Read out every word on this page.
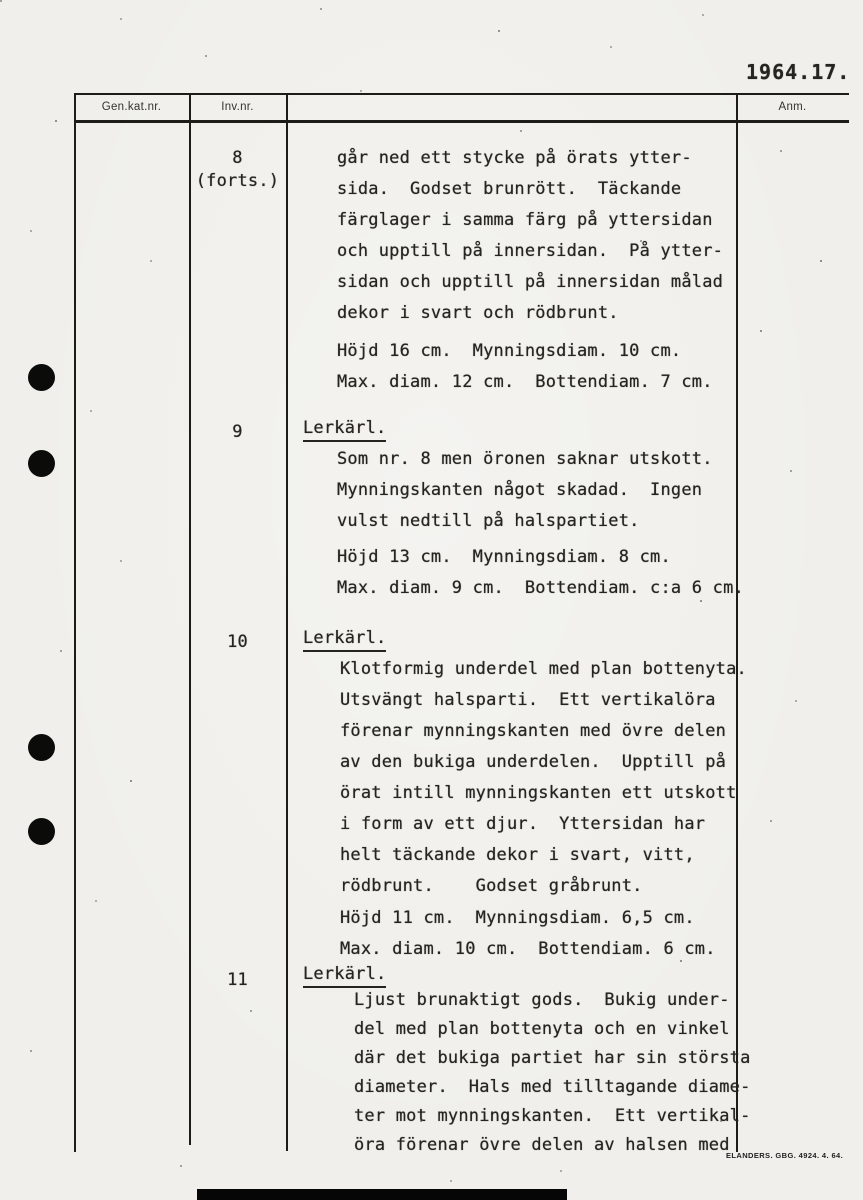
1964.17.
Gen.kat.nr.	Inv.nr.	Anm.
8
(forts.)
går ned ett stycke på örats ytter-
sida.  Godset brunrött.  Täckande
färglager i samma färg på yttersidan
och upptill på innersidan.  På ytter-
sidan och upptill på innersidan målad
dekor i svart och rödbrunt.
Höjd 16 cm.  Mynningsdiam. 10 cm.
Max. diam. 12 cm.  Bottendiam. 7 cm.
9	Lerkärl.
Som nr. 8 men öronen saknar utskott.
Mynningskanten något skadad.  Ingen
vulst nedtill på halspartiet.
Höjd 13 cm.  Mynningsdiam. 8 cm.
Max. diam. 9 cm.  Bottendiam. c:a 6 cm.
10	Lerkärl.
Klotformig underdel med plan bottenyta.
Utsvängt halsparti.  Ett vertikalöra
förenar mynningskanten med övre delen
av den bukiga underdelen.  Upptill på
örat intill mynningskanten ett utskott
i form av ett djur.  Yttersidan har
helt täckande dekor i svart, vitt,
rödbrunt.    Godset gråbrunt.
Höjd 11 cm.  Mynningsdiam. 6,5 cm.
Max. diam. 10 cm.  Bottendiam. 6 cm.
11	Lerkärl.
Ljust brunaktigt gods.  Bukig under-
del med plan bottenyta och en vinkel
där det bukiga partiet har sin största
diameter.  Hals med tilltagande diame-
ter mot mynningskanten.  Ett vertikal-
öra förenar övre delen av halsen med
ELANDERS. GBG. 4924. 4. 64.
